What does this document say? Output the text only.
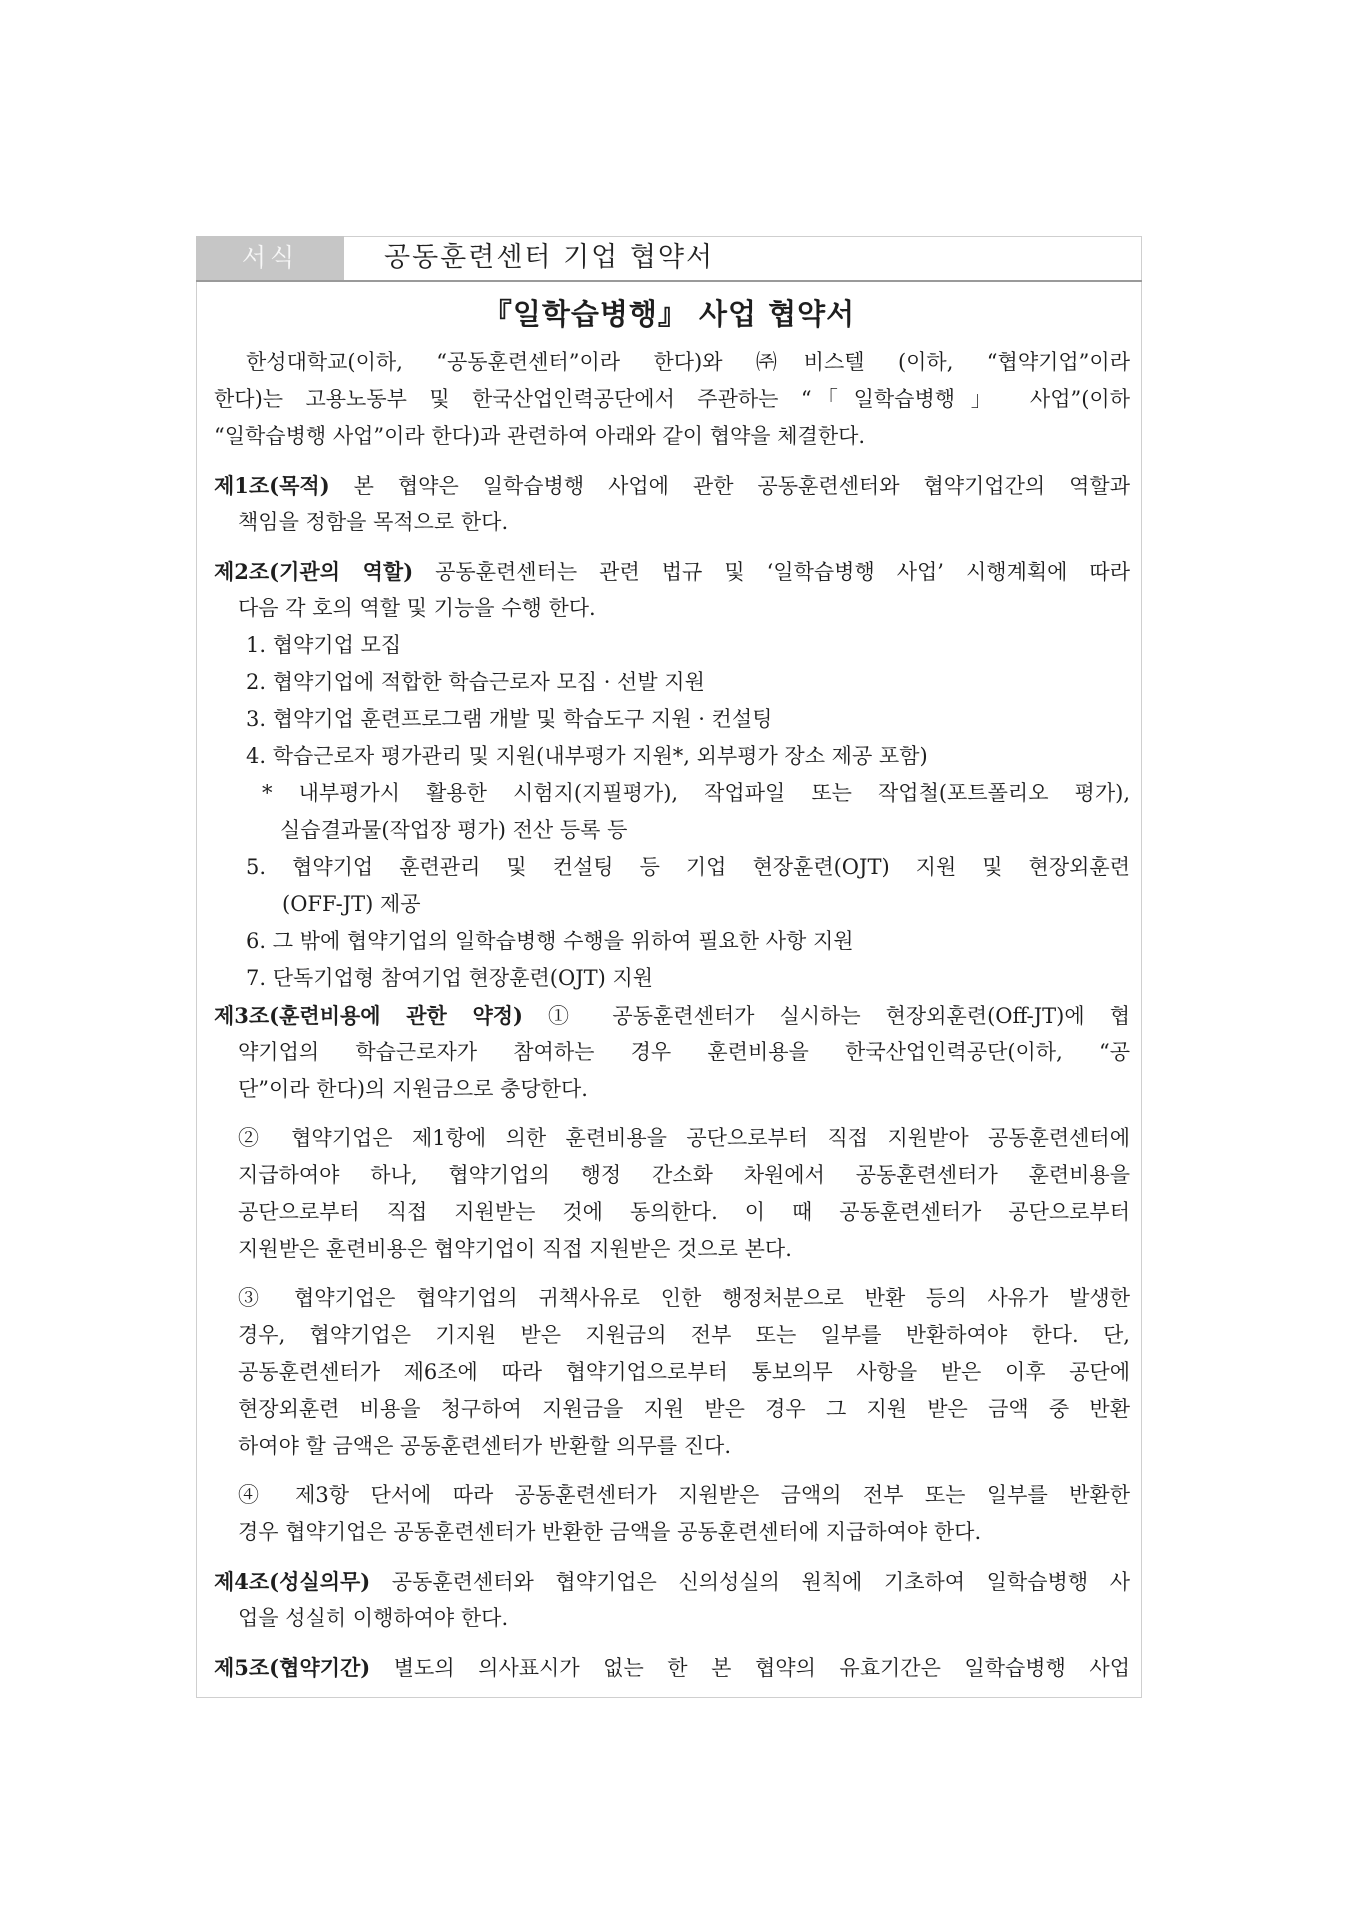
서식	공동훈련센터 기업 협약서
『일학습병행』 사업 협약서
한성대학교(이하, “공동훈련센터”이라 한다)와 ㈜비스텔 (이하, “협약기업”이라
한다)는 고용노동부 및 한국산업인력공단에서 주관하는 “「일학습병행」 사업”(이하
“일학습병행 사업”이라 한다)과 관련하여 아래와 같이 협약을 체결한다.
제1조(목적) 본 협약은 일학습병행 사업에 관한 공동훈련센터와 협약기업간의 역할과
책임을 정함을 목적으로 한다.
제2조(기관의 역할) 공동훈련센터는 관련 법규 및 ‘일학습병행 사업’ 시행계획에 따라
다음 각 호의 역할 및 기능을 수행 한다.
1. 협약기업 모집
2. 협약기업에 적합한 학습근로자 모집 · 선발 지원
3. 협약기업 훈련프로그램 개발 및 학습도구 지원 · 컨설팅
4. 학습근로자 평가관리 및 지원(내부평가 지원*, 외부평가 장소 제공 포함)
* 내부평가시 활용한 시험지(지필평가), 작업파일 또는 작업철(포트폴리오 평가),
실습결과물(작업장 평가) 전산 등록 등
5. 협약기업 훈련관리 및 컨설팅 등 기업 현장훈련(OJT) 지원 및 현장외훈련
(OFF-JT) 제공
6. 그 밖에 협약기업의 일학습병행 수행을 위하여 필요한 사항 지원
7. 단독기업형 참여기업 현장훈련(OJT) 지원
제3조(훈련비용에 관한 약정) ① 공동훈련센터가 실시하는 현장외훈련(Off-JT)에 협
약기업의 학습근로자가 참여하는 경우 훈련비용을 한국산업인력공단(이하, “공
단”이라 한다)의 지원금으로 충당한다.
② 협약기업은 제1항에 의한 훈련비용을 공단으로부터 직접 지원받아 공동훈련센터에
지급하여야 하나, 협약기업의 행정 간소화 차원에서 공동훈련센터가 훈련비용을
공단으로부터 직접 지원받는 것에 동의한다. 이 때 공동훈련센터가 공단으로부터
지원받은 훈련비용은 협약기업이 직접 지원받은 것으로 본다.
③ 협약기업은 협약기업의 귀책사유로 인한 행정처분으로 반환 등의 사유가 발생한
경우, 협약기업은 기지원 받은 지원금의 전부 또는 일부를 반환하여야 한다. 단,
공동훈련센터가 제6조에 따라 협약기업으로부터 통보의무 사항을 받은 이후 공단에
현장외훈련 비용을 청구하여 지원금을 지원 받은 경우 그 지원 받은 금액 중 반환
하여야 할 금액은 공동훈련센터가 반환할 의무를 진다.
④ 제3항 단서에 따라 공동훈련센터가 지원받은 금액의 전부 또는 일부를 반환한
경우 협약기업은 공동훈련센터가 반환한 금액을 공동훈련센터에 지급하여야 한다.
제4조(성실의무) 공동훈련센터와 협약기업은 신의성실의 원칙에 기초하여 일학습병행 사
업을 성실히 이행하여야 한다.
제5조(협약기간) 별도의 의사표시가 없는 한 본 협약의 유효기간은 일학습병행 사업
